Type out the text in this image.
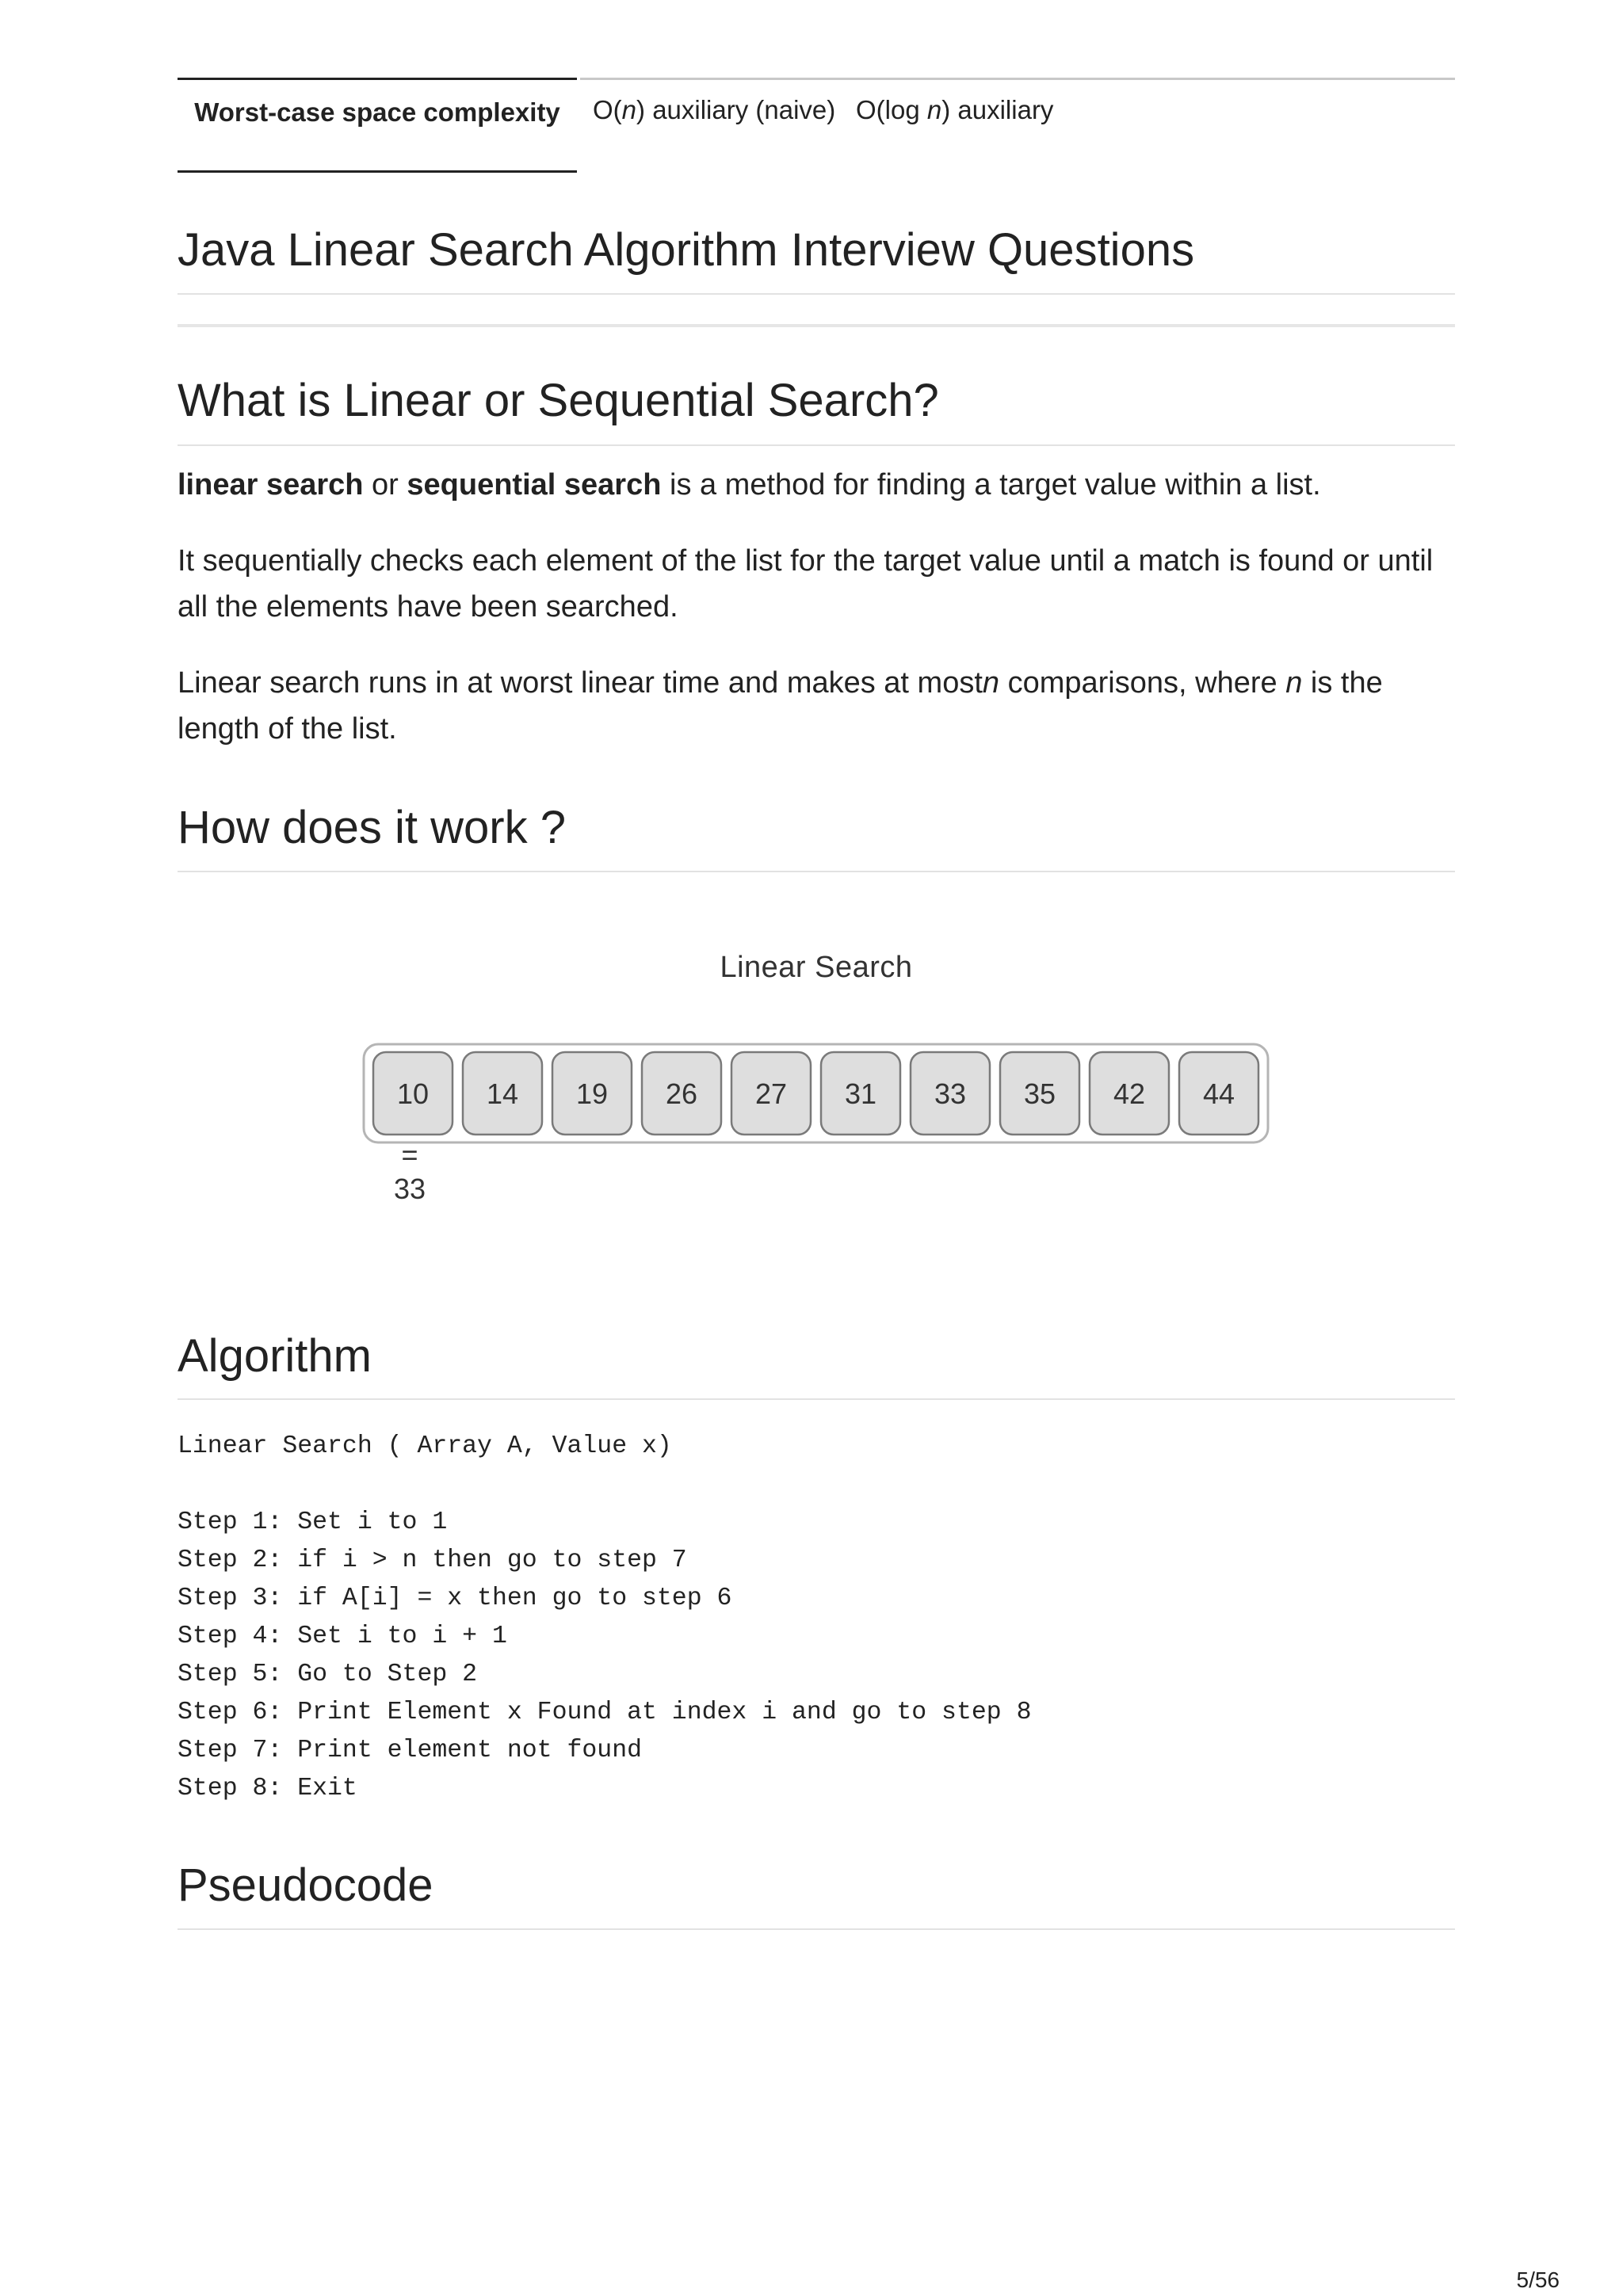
Worst-case space complexity	O(n) auxiliary (naive) O(log n) auxiliary
Java Linear Search Algorithm Interview Questions
What is Linear or Sequential Search?

linear search or sequential search is a method for finding a target value within a list.

It sequentially checks each element of the list for the target value until a match is found or until all the elements have been searched.

Linear search runs in at worst linear time and makes at mostn comparisons, where n is the length of the list.

How does it work ?
Linear Search
10 14 19 26 27 31 33 35 42 44
=
33
Algorithm
Linear Search ( Array A, Value x)

Step 1: Set i to 1
Step 2: if i > n then go to step 7
Step 3: if A[i] = x then go to step 6
Step 4: Set i to i + 1
Step 5: Go to Step 2
Step 6: Print Element x Found at index i and go to step 8
Step 7: Print element not found
Step 8: Exit
Pseudocode
5/56
